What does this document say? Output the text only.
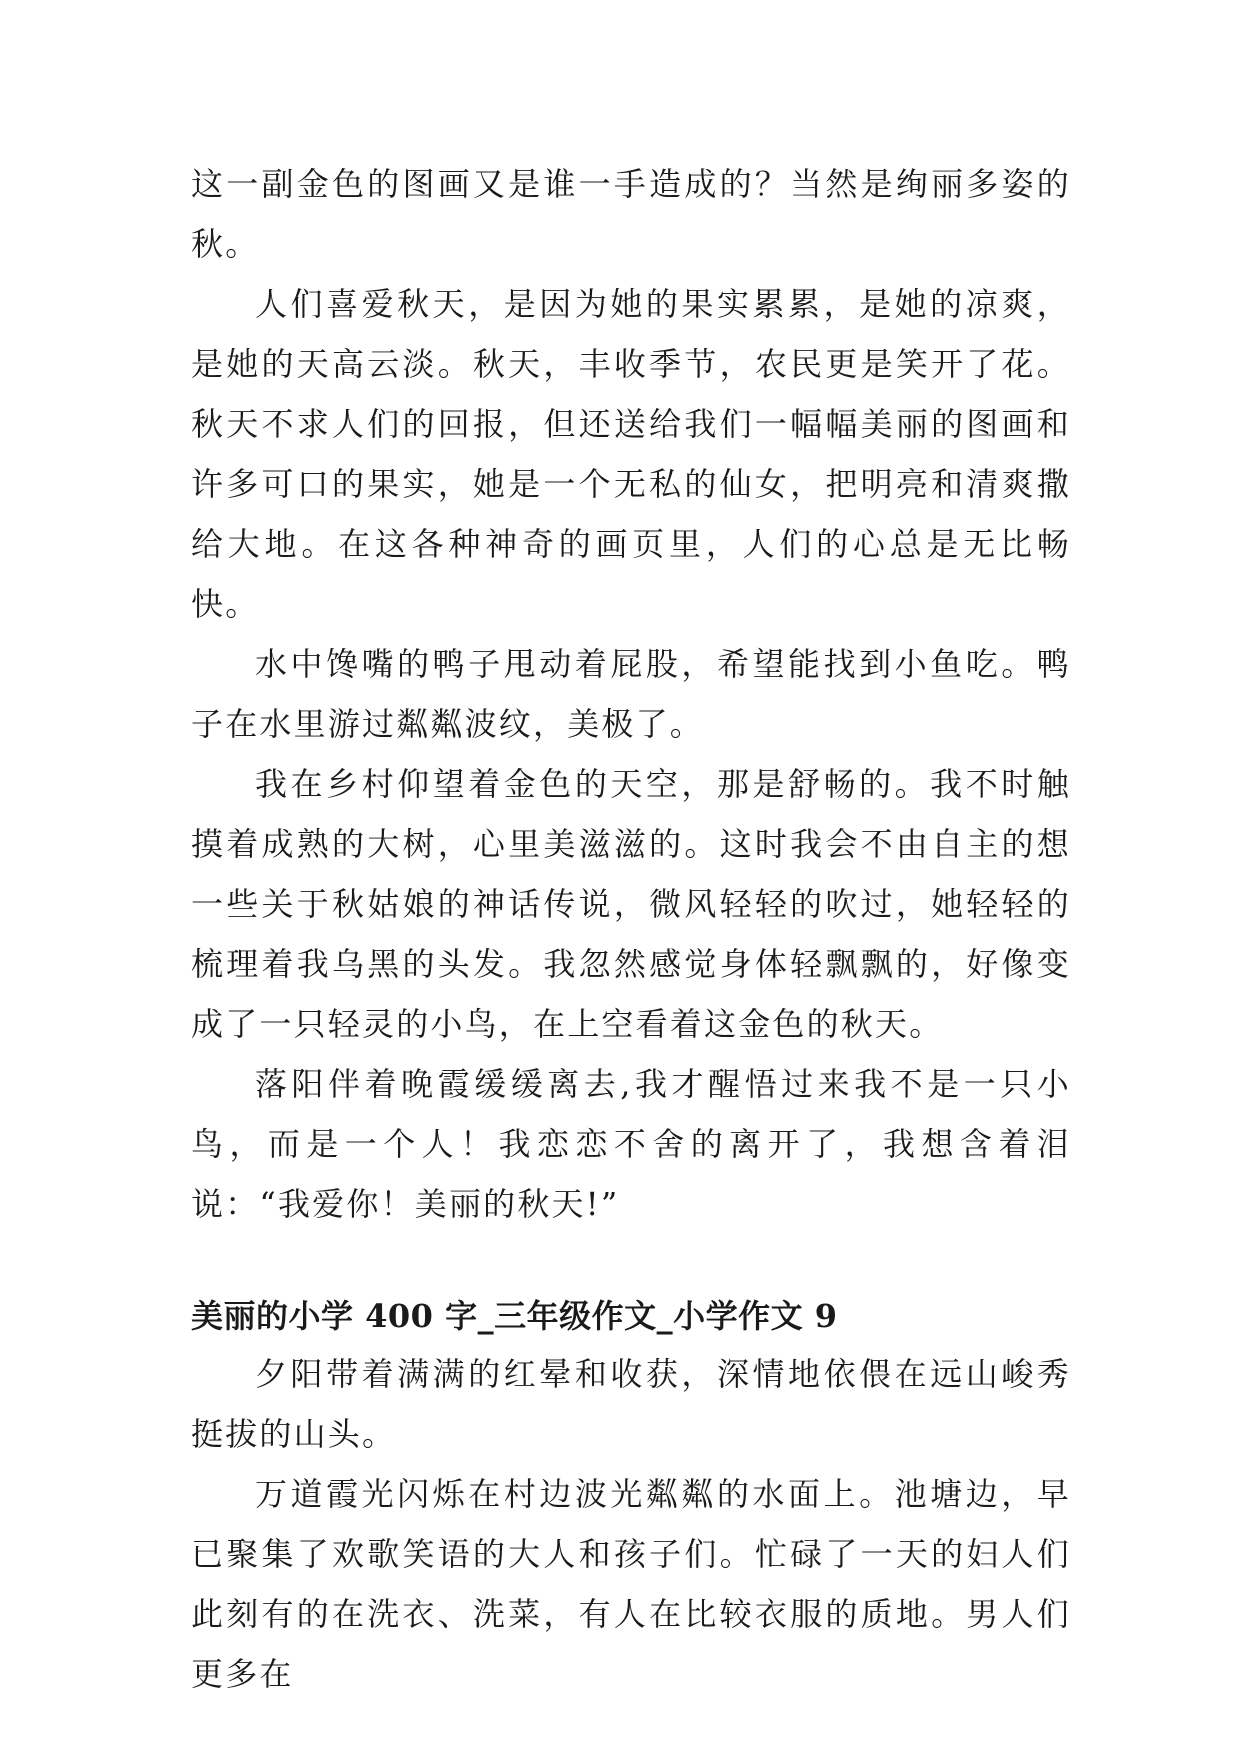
这一副金色的图画又是谁一手造成的？当然是绚丽多姿的秋。

人们喜爱秋天，是因为她的果实累累，是她的凉爽，是她的天高云淡。秋天，丰收季节，农民更是笑开了花。秋天不求人们的回报，但还送给我们一幅幅美丽的图画和许多可口的果实，她是一个无私的仙女，把明亮和清爽撒给大地。在这各种神奇的画页里，人们的心总是无比畅快。

水中馋嘴的鸭子甩动着屁股，希望能找到小鱼吃。鸭子在水里游过粼粼波纹，美极了。

我在乡村仰望着金色的天空，那是舒畅的。我不时触摸着成熟的大树，心里美滋滋的。这时我会不由自主的想一些关于秋姑娘的神话传说，微风轻轻的吹过，她轻轻的梳理着我乌黑的头发。我忽然感觉身体轻飘飘的，好像变成了一只轻灵的小鸟，在上空看着这金色的秋天。

落阳伴着晚霞缓缓离去,我才醒悟过来我不是一只小鸟，而是一个人！我恋恋不舍的离开了，我想含着泪说：“我爱你！美丽的秋天!”

美丽的小学 400 字_三年级作文_小学作文 9

夕阳带着满满的红晕和收获，深情地依偎在远山峻秀挺拔的山头。

万道霞光闪烁在村边波光粼粼的水面上。池塘边，早已聚集了欢歌笑语的大人和孩子们。忙碌了一天的妇人们此刻有的在洗衣、洗菜，有人在比较衣服的质地。男人们更多在
